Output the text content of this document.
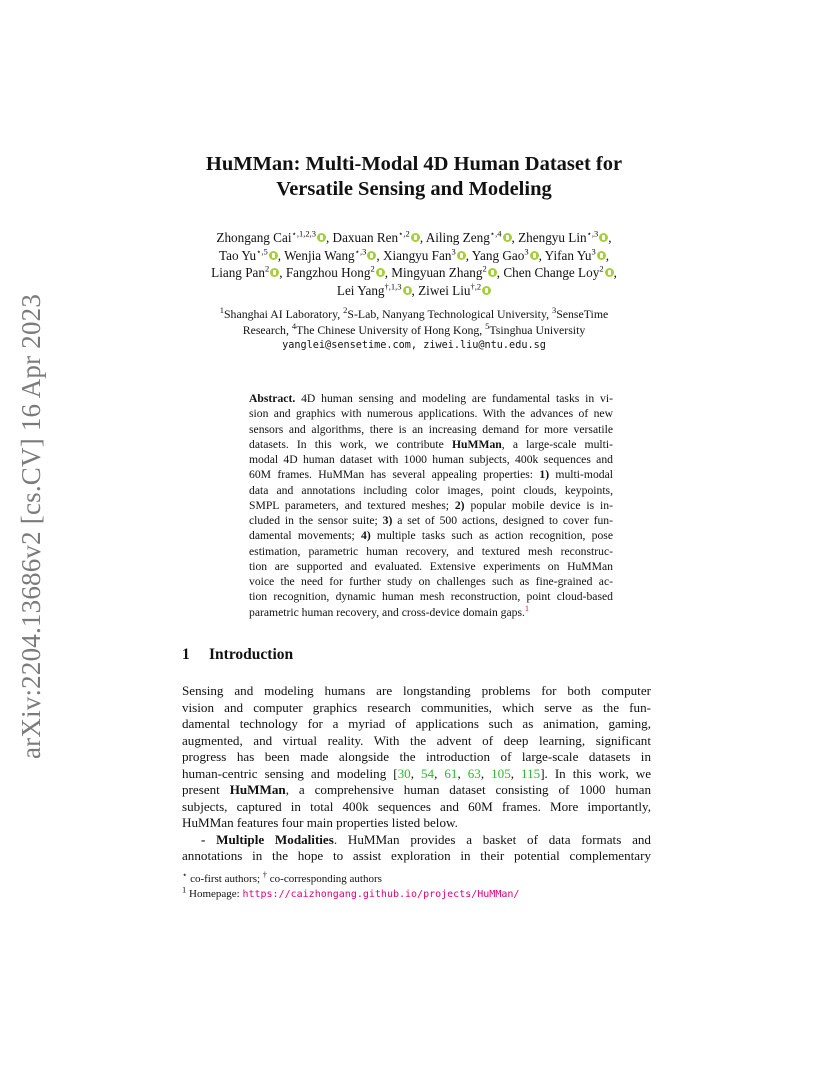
arXiv:2204.13686v2 [cs.CV] 16 Apr 2023
HuMMan: Multi-Modal 4D Human Dataset for
Versatile Sensing and Modeling
Zhongang Cai$^{⋆,1,2,3}$ , Daxuan Ren$^{⋆,2}$ , Ailing Zeng$^{⋆,4}$ , Zhengyu Lin$^{⋆,3}$ ,
Tao $Yu^{⋆,5}$ , Wenjia Wang$^{⋆,3}$ , Xiangyu Fan$^3$ , Yang Gao$^3$ , Yifan Yu$^3$ ,
Liang Pan$^2$ , Fangzhou Hong$^2$ , Mingyuan Zhang$^2$ , Chen Change Loy$^2$ ,
Lei Yang$^{\dagger,1,3}$ , Ziwei Liu$^{\dagger,2}$
$^1$Shanghai AI Laboratory, $^2$S-Lab, Nanyang Technological University, $^3$SenseTime
Research, $^4$The Chinese University of Hong Kong, $^5$Tsinghua University
yanglei@sensetime.com, ziwei.liu@ntu.edu.sg
Abstract.  4D human sensing and modeling are fundamental tasks in vi-
sion and graphics with numerous applications. With the advances of new
sensors and algorithms, there is an increasing demand for more versatile
datasets. In this work, we contribute HuMMan, a large-scale multi-
modal 4D human dataset with 1000 human subjects, 400k sequences and
60M frames. HuMMan has several appealing properties: 1) multi-modal
data and annotations including color images, point clouds, keypoints,
SMPL parameters, and textured meshes; 2) popular mobile device is in-
cluded in the sensor suite; 3) a set of 500 actions, designed to cover fun-
damental movements; 4) multiple tasks such as action recognition, pose
estimation, parametric human recovery, and textured mesh reconstruc-
tion are supported and evaluated. Extensive experiments on HuMMan
voice the need for further study on challenges such as fine-grained ac-
tion recognition, dynamic human mesh reconstruction, point cloud-based
parametric human recovery, and cross-device domain gaps.$^1$
1 Introduction
Sensing and modeling humans are longstanding problems for both computer
vision and computer graphics research communities, which serve as the fun-
damental technology for a myriad of applications such as animation, gaming,
augmented, and virtual reality. With the advent of deep learning, significant
progress has been made alongside the introduction of large-scale datasets in
human-centric sensing and modeling [30, 54, 61, 63, 105, 115]. In this work, we
present HuMMan, a comprehensive human dataset consisting of 1000 human
subjects, captured in total 400k sequences and 60M frames. More importantly,
HuMMan features four main properties listed below.
- Multiple Modalities. HuMMan provides a basket of data formats and
annotations in the hope to assist exploration in their potential complementary
⋆ co-first authors; † co-corresponding authors
$^1$ Homepage: https://caizhongang.github.io/projects/HuMMan/
